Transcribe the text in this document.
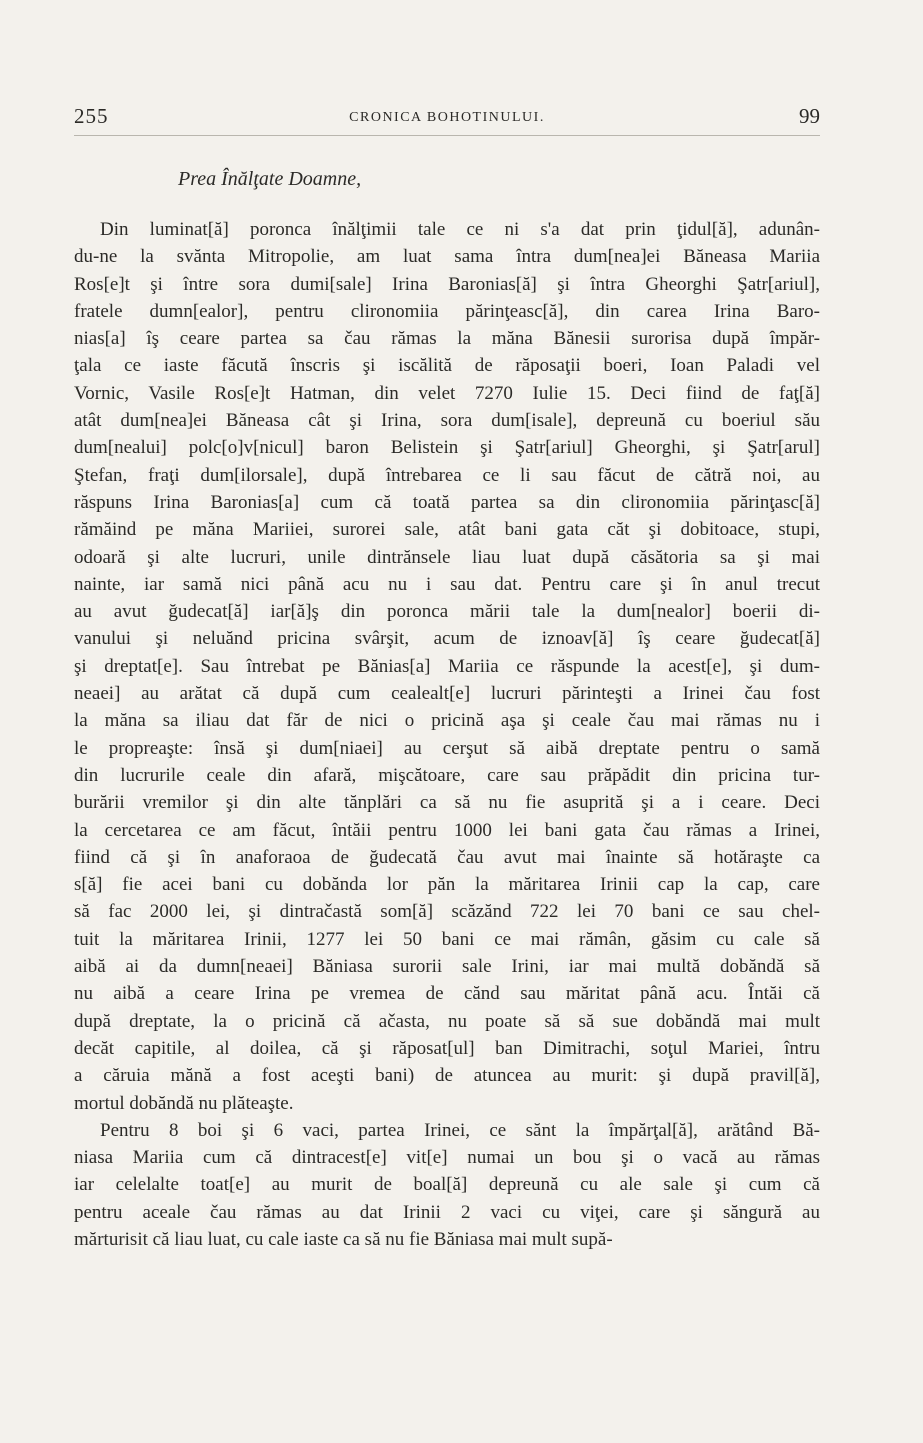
255	CRONICA BOHOTINULUI.	99
Prea Înălţate Doamne,
Din luminat[ă] poronca înălţimii tale ce ni s'a dat prin ţidul[ă], adunân-
du-ne la svănta Mitropolie, am luat sama întra dum[nea]ei Băneasa Mariia
Ros[e]t şi între sora dumi[sale] Irina Baronias[ă] şi întra Gheorghi Şatr[ariul],
fratele dumn[ealor], pentru clironomiia părinţeasc[ă], din carea Irina Baro-
nias[a] îş ceare partea sa čau rămas la măna Bănesii surorisa după împăr-
ţala ce iaste făcută înscris şi iscălită de răposaţii boeri, Ioan Paladi vel
Vornic, Vasile Ros[e]t Hatman, din velet 7270 Iulie 15. Deci fiind de faţ[ă]
atât dum[nea]ei Băneasa cât şi Irina, sora dum[isale], depreună cu boeriul său
dum[nealui] polc[o]v[nicul] baron Belistein şi Şatr[ariul] Gheorghi, şi Şatr[arul]
Ştefan, fraţi dum[ilorsale], după întrebarea ce li sau făcut de cătră noi, au
răspuns Irina Baronias[a] cum că toată partea sa din clironomiia părinţasc[ă]
rămăind pe măna Mariiei, surorei sale, atât bani gata căt şi dobitoace, stupi,
odoară şi alte lucruri, unile dintrănsele liau luat după căsătoria sa şi mai
nainte, iar samă nici până acu nu i sau dat. Pentru care şi în anul trecut
au avut ğudecat[ă] iar[ă]ş din poronca mării tale la dum[nealor] boerii di-
vanului şi neluănd pricina svârşit, acum de iznoav[ă] îş ceare ğudecat[ă]
şi dreptat[e]. Sau întrebat pe Bănias[a] Mariia ce răspunde la acest[e], şi dum-
neaei] au arătat că după cum cealealt[e] lucruri părinteşti a Irinei čau fost
la măna sa iliau dat făr de nici o pricină aşa şi ceale čau mai rămas nu i
le propreaşte: însă şi dum[niaei] au cerşut să aibă dreptate pentru o samă
din lucrurile ceale din afară, mişcătoare, care sau prăpădit din pricina tur-
burării vremilor şi din alte tănplări ca să nu fie asuprită şi a i ceare. Deci
la cercetarea ce am făcut, întăii pentru 1000 lei bani gata čau rămas a Irinei,
fiind că şi în anaforaoa de ğudecată čau avut mai înainte să hotăraşte ca
s[ă] fie acei bani cu dobănda lor păn la măritarea Irinii cap la cap, care
să fac 2000 lei, şi dintračastă som[ă] scăzănd 722 lei 70 bani ce sau chel-
tuit la măritarea Irinii, 1277 lei 50 bani ce mai rămân, găsim cu cale să
aibă ai da dumn[neaei] Băniasa surorii sale Irini, iar mai multă dobăndă să
nu aibă a ceare Irina pe vremea de cănd sau măritat până acu. Întăi că
după dreptate, la o pricină că ačasta, nu poate să să sue dobăndă mai mult
decăt capitile, al doilea, că şi răposat[ul] ban Dimitrachi, soţul Mariei, întru
a căruia mănă a fost aceşti bani) de atuncea au murit: şi după pravil[ă],
mortul dobăndă nu plăteaşte.
Pentru 8 boi şi 6 vaci, partea Irinei, ce sănt la împărţal[ă], arătând Bă-
niasa Mariia cum că dintracest[e] vit[e] numai un bou şi o vacă au rămas
iar celelalte toat[e] au murit de boal[ă] depreună cu ale sale şi cum că
pentru aceale čau rămas au dat Irinii 2 vaci cu viţei, care şi săngură au
mărturisit că liau luat, cu cale iaste ca să nu fie Băniasa mai mult supă-
